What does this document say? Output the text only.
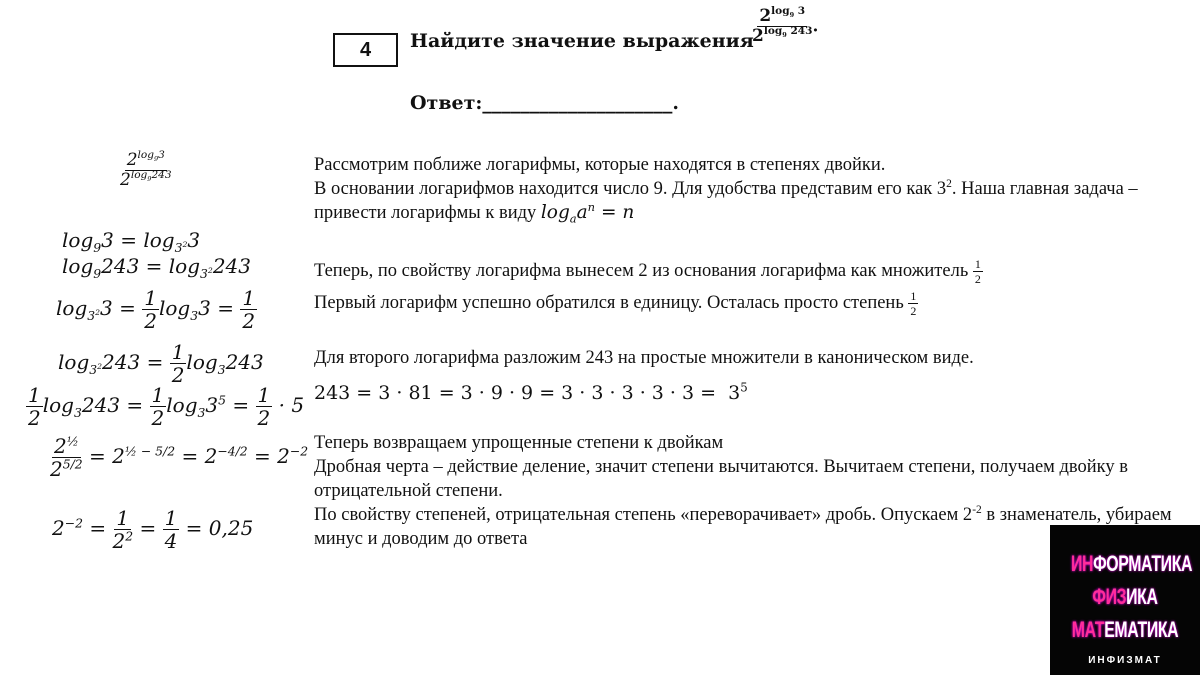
4	Найдите значение выражения
$\frac{2^{log_9 3}}{2^{log_9 243}}$ .
Ответ:____________________.
$\frac{2^{log_93}}{2^{log_9243}}$
$\log_93 = \log_{3^2}3$
$\log_9243 = \log_{3^2}243$
$\log_{3^2}3 = \frac{1}{2} \log_33 = \frac{1}{2}$
$\log_{3^2}243 = \frac{1}{2} \log_3243$
$\frac{1}{2} \log_3243 = \frac{1}{2} \log_33^5 = \frac{1}{2} \cdot 5$
$\frac{2^{\frac{1}{2}}}{2^{5/2}} = 2^{\frac{1}{2} - 5/2} = 2^{-4/2} = 2^{-2}$
$2^{-2} = \frac{1}{2^2} = \frac{1}{4} = 0,25$
Рассмотрим поближе логарифмы, которые находятся в степенях двойки.
В основании логарифмов находится число 9. Для удобства представим его как $3^2$. Наша главная задача – привести логарифмы к виду $\log_aa^n = n$
Теперь, по свойству логарифма вынесем 2 из основания логарифма как множитель $\frac{1}{2}$
Первый логарифм успешно обратился в единицу. Осталась просто степень $\frac{1}{2}$
Для второго логарифма разложим 243 на простые множители в каноническом виде.
$243 = 3 \cdot 81 = 3 \cdot 9 \cdot 9 = 3 \cdot 3 \cdot 3 \cdot 3 \cdot 3 = 3^5$
Теперь возвращаем упрощенные степени к двойкам
Дробная черта – действие деление, значит степени вычитаются. Вычитаем степени, получаем двойку в отрицательной степени.
По свойству степеней, отрицательная степень «переворачивает» дробь. Опускаем $2^{-2}$ в знаменатель, убираем минус и доводим до ответа
ИНФОРМАТИКА
ФИЗИКА
МАТЕМАТИКА
ИНФИЗМАТ
